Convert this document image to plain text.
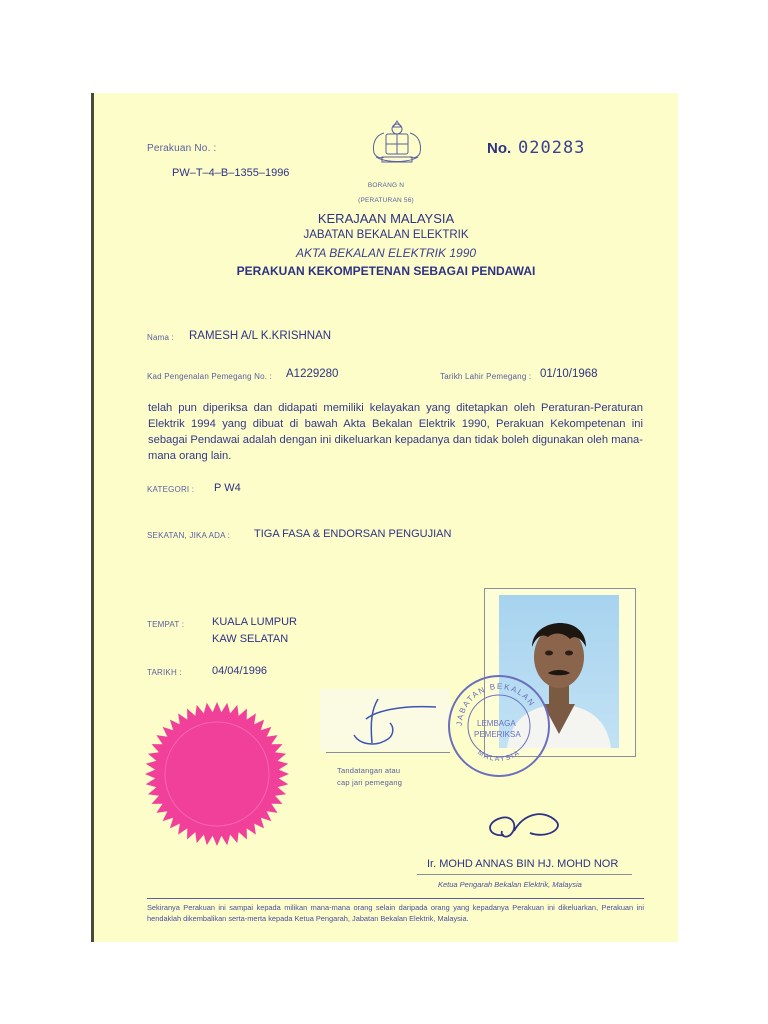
Perakuan No. :
PW–T–4–B–1355–1996
No. 020283
BORANG N
(PERATURAN 56)
KERAJAAN MALAYSIA
JABATAN BEKALAN ELEKTRIK
AKTA BEKALAN ELEKTRIK 1990
PERAKUAN KEKOMPETENAN SEBAGAI PENDAWAI
Nama : RAMESH A/L K.KRISHNAN
Kad Pengenalan Pemegang No. : A1229280	Tarikh Lahir Pemegang : 01/10/1968
telah pun diperiksa dan didapati memiliki kelayakan yang ditetapkan oleh Peraturan-Peraturan Elektrik 1994 yang dibuat di bawah Akta Bekalan Elektrik 1990, Perakuan Kekompetenan ini sebagai Pendawai adalah dengan ini dikeluarkan kepadanya dan tidak boleh digunakan oleh mana-mana orang lain.
KATEGORI : P W4
SEKATAN, JIKA ADA : TIGA FASA & ENDORSAN PENGUJIAN
TEMPAT :	KUALA LUMPUR
KAW SELATAN
TARIKH :	04/04/1996
Tandatangan atau
cap jari pemegang
JABATAN BEKALAN
MALAYSIA
LEMBAGA
PEMERIKSA
Ir. MOHD ANNAS BIN HJ. MOHD NOR
Ketua Pengarah Bekalan Elektrik, Malaysia
Sekiranya Perakuan ini sampai kepada milikan mana-mana orang selain daripada orang yang kepadanya Perakuan ini dikeluarkan, Perakuan ini hendaklah dikembalikan serta-merta kepada Ketua Pengarah, Jabatan Bekalan Elektrik, Malaysia.
